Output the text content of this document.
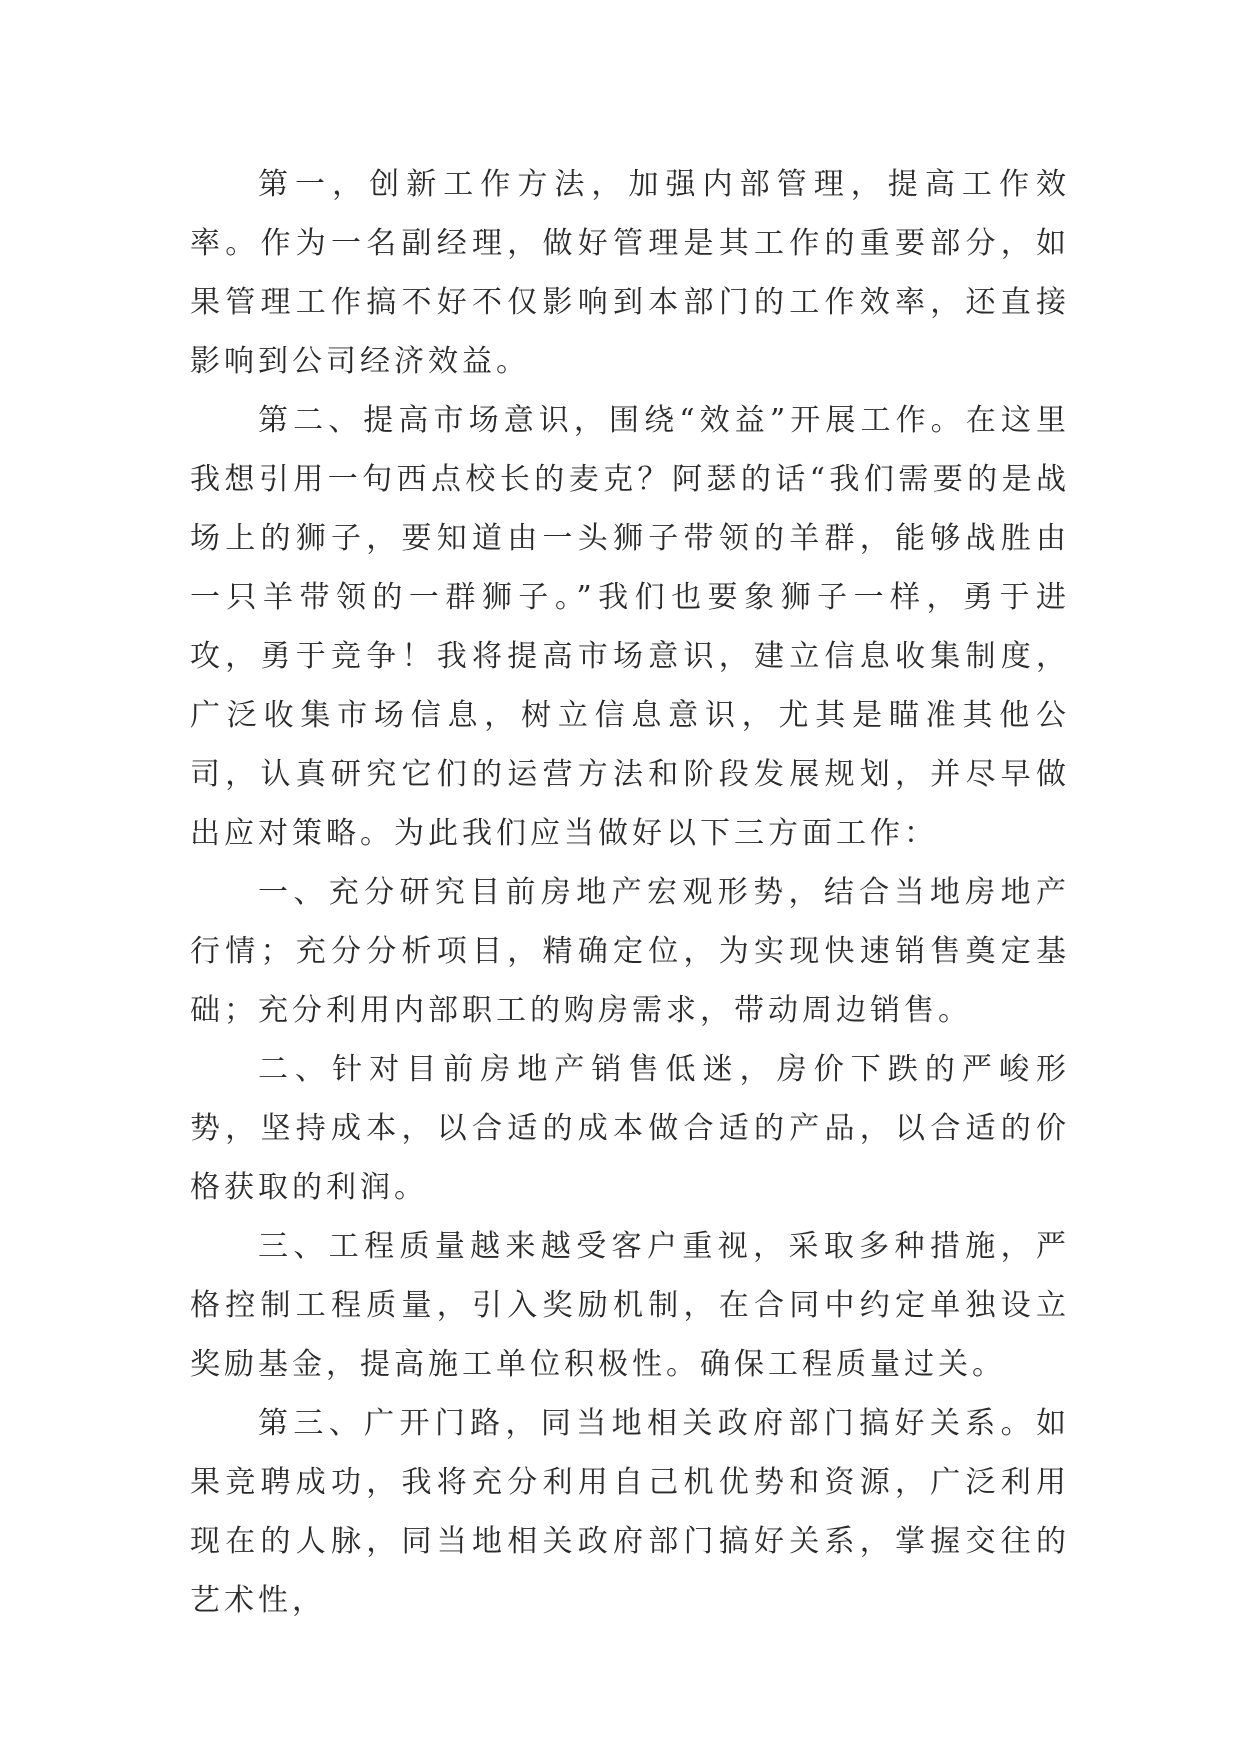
第一，创新工作方法，加强内部管理，提高工作效率。作为一名副经理，做好管理是其工作的重要部分，如果管理工作搞不好不仅影响到本部门的工作效率，还直接影响到公司经济效益。

第二、提高市场意识，围绕“效益”开展工作。在这里我想引用一句西点校长的麦克？阿瑟的话“我们需要的是战场上的狮子，要知道由一头狮子带领的羊群，能够战胜由一只羊带领的一群狮子。”我们也要象狮子一样，勇于进攻，勇于竞争！我将提高市场意识，建立信息收集制度，广泛收集市场信息，树立信息意识，尤其是瞄准其他公司，认真研究它们的运营方法和阶段发展规划，并尽早做出应对策略。为此我们应当做好以下三方面工作：

一、充分研究目前房地产宏观形势，结合当地房地产行情；充分分析项目，精确定位，为实现快速销售奠定基础；充分利用内部职工的购房需求，带动周边销售。

二、针对目前房地产销售低迷，房价下跌的严峻形势，坚持成本，以合适的成本做合适的产品，以合适的价格获取的利润。

三、工程质量越来越受客户重视，采取多种措施，严格控制工程质量，引入奖励机制，在合同中约定单独设立奖励基金，提高施工单位积极性。确保工程质量过关。

第三、广开门路，同当地相关政府部门搞好关系。如果竞聘成功，我将充分利用自己机优势和资源，广泛利用现在的人脉，同当地相关政府部门搞好关系，掌握交往的艺术性，
